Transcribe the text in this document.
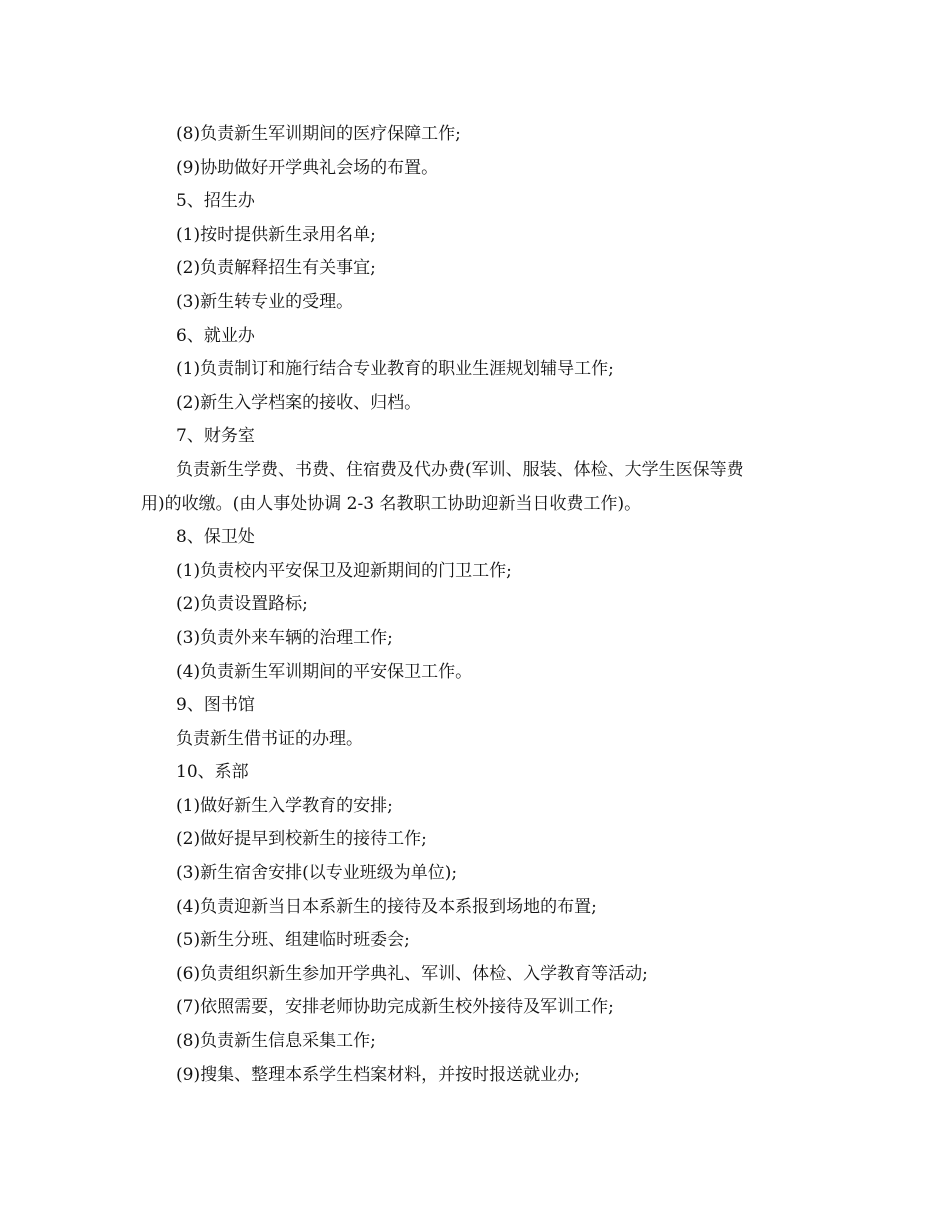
(8)负责新生军训期间的医疗保障工作;
(9)协助做好开学典礼会场的布置。
5、招生办
(1)按时提供新生录用名单;
(2)负责解释招生有关事宜;
(3)新生转专业的受理。
6、就业办
(1)负责制订和施行结合专业教育的职业生涯规划辅导工作;
(2)新生入学档案的接收、归档。
7、财务室
负责新生学费、书费、住宿费及代办费(军训、服装、体检、大学生医保等费
用)的收缴。(由人事处协调 2-3 名教职工协助迎新当日收费工作)。
8、保卫处
(1)负责校内平安保卫及迎新期间的门卫工作;
(2)负责设置路标;
(3)负责外来车辆的治理工作;
(4)负责新生军训期间的平安保卫工作。
9、图书馆
负责新生借书证的办理。
10、系部
(1)做好新生入学教育的安排;
(2)做好提早到校新生的接待工作;
(3)新生宿舍安排(以专业班级为单位);
(4)负责迎新当日本系新生的接待及本系报到场地的布置;
(5)新生分班、组建临时班委会;
(6)负责组织新生参加开学典礼、军训、体检、入学教育等活动;
(7)依照需要，安排老师协助完成新生校外接待及军训工作;
(8)负责新生信息采集工作;
(9)搜集、整理本系学生档案材料，并按时报送就业办;
